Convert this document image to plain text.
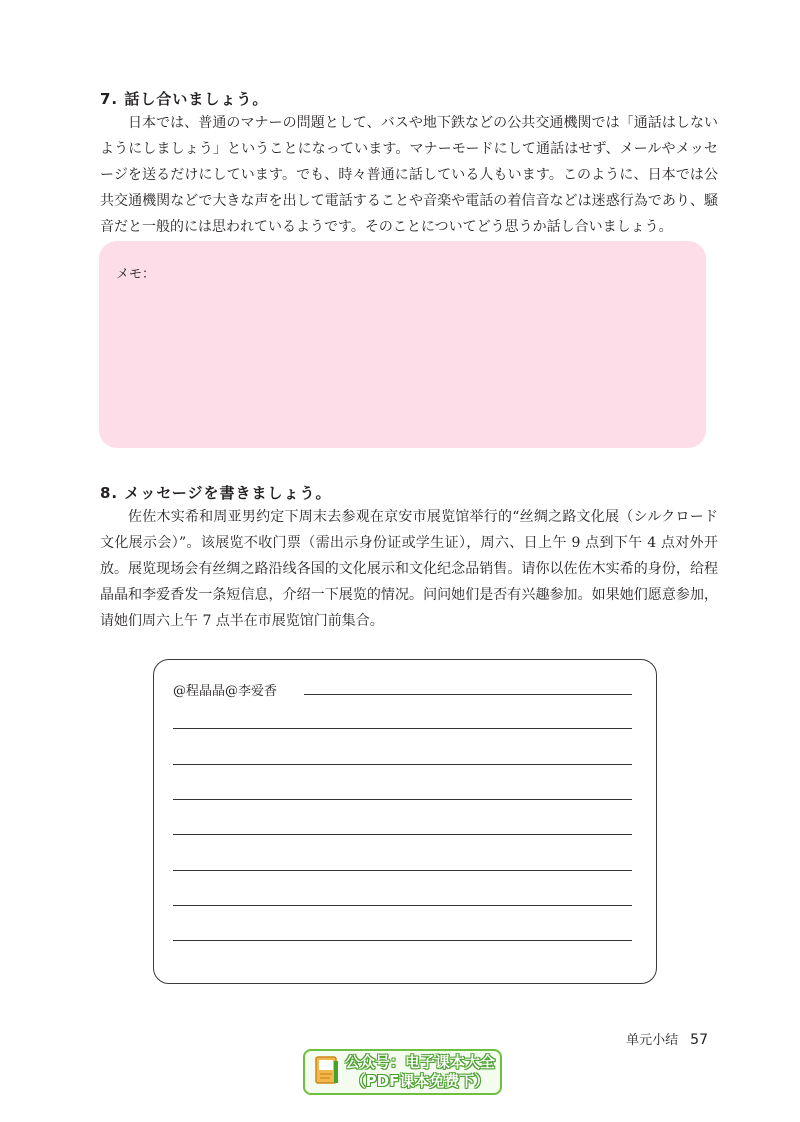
7. 話し合いましょう。

日本では、普通のマナーの問題として、バスや地下鉄などの公共交通機関では「通話はしないようにしましょう」ということになっています。マナーモードにして通話はせず、メールやメッセージを送るだけにしています。でも、時々普通に話している人もいます。このように、日本では公共交通機関などで大きな声を出して電話することや音楽や電話の着信音などは迷惑行為であり、騒音だと一般的には思われているようです。そのことについてどう思うか話し合いましょう。

メモ：
8. メッセージを書きましょう。

佐佐木实希和周亚男约定下周末去参观在京安市展览馆举行的“丝绸之路文化展（シルクロード文化展示会）”。该展览不收门票（需出示身份证或学生证），周六、日上午 9 点到下午 4 点对外开放。展览现场会有丝绸之路沿线各国的文化展示和文化纪念品销售。请你以佐佐木实希的身份，给程晶晶和李爱香发一条短信息，介绍一下展览的情况。问问她们是否有兴趣参加。如果她们愿意参加，请她们周六上午 7 点半在市展览馆门前集合。

@程晶晶@李爱香
单元小结 57
公众号：电子课本大全
（PDF课本免费下）
